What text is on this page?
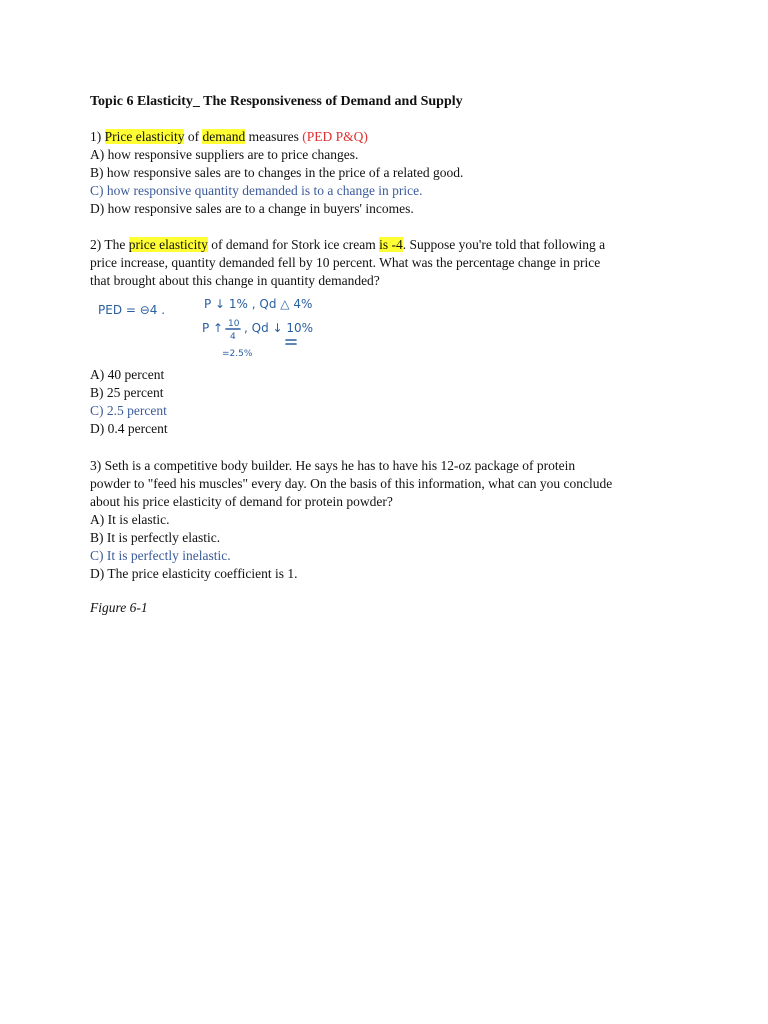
Topic 6 Elasticity_ The Responsiveness of Demand and Supply
1) Price elasticity of demand measures (PED P&Q)
A) how responsive suppliers are to price changes.
B) how responsive sales are to changes in the price of a related good.
C) how responsive quantity demanded is to a change in price.
D) how responsive sales are to a change in buyers' incomes.
2) The price elasticity of demand for Stork ice cream is -4. Suppose you're told that following a
price increase, quantity demanded fell by 10 percent. What was the percentage change in price
that brought about this change in quantity demanded?
PED = ⊖4 .	P ↓ 1% , Qd △ 4%
P ↑ 10
4
, Qd ↓ 10%
=2.5%
A) 40 percent
B) 25 percent
C) 2.5 percent
D) 0.4 percent
3) Seth is a competitive body builder. He says he has to have his 12-oz package of protein
powder to "feed his muscles" every day. On the basis of this information, what can you conclude
about his price elasticity of demand for protein powder?
A) It is elastic.
B) It is perfectly elastic.
C) It is perfectly inelastic.
D) The price elasticity coefficient is 1.
Figure 6-1
